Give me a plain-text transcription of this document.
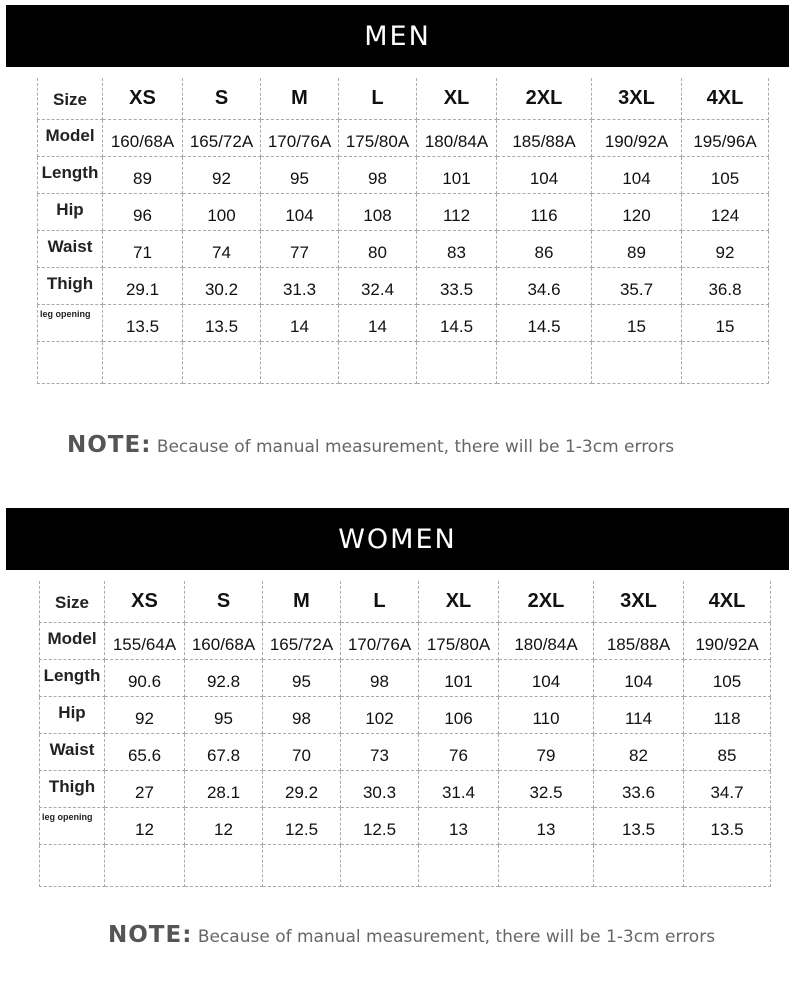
MEN
Size	XS	S	M	L	XL	2XL	3XL	4XL
Model	160/68A	165/72A	170/76A	175/80A	180/84A	185/88A	190/92A	195/96A
Length	89	92	95	98	101	104	104	105
Hip	96	100	104	108	112	116	120	124
Waist	71	74	77	80	83	86	89	92
Thigh	29.1	30.2	31.3	32.4	33.5	34.6	35.7	36.8
leg opening	13.5	13.5	14	14	14.5	14.5	15	15

NOTE: Because of manual measurement, there will be 1-3cm errors
WOMEN
Size	XS	S	M	L	XL	2XL	3XL	4XL
Model	155/64A	160/68A	165/72A	170/76A	175/80A	180/84A	185/88A	190/92A
Length	90.6	92.8	95	98	101	104	104	105
Hip	92	95	98	102	106	110	114	118
Waist	65.6	67.8	70	73	76	79	82	85
Thigh	27	28.1	29.2	30.3	31.4	32.5	33.6	34.7
leg opening	12	12	12.5	12.5	13	13	13.5	13.5

NOTE: Because of manual measurement, there will be 1-3cm errors
